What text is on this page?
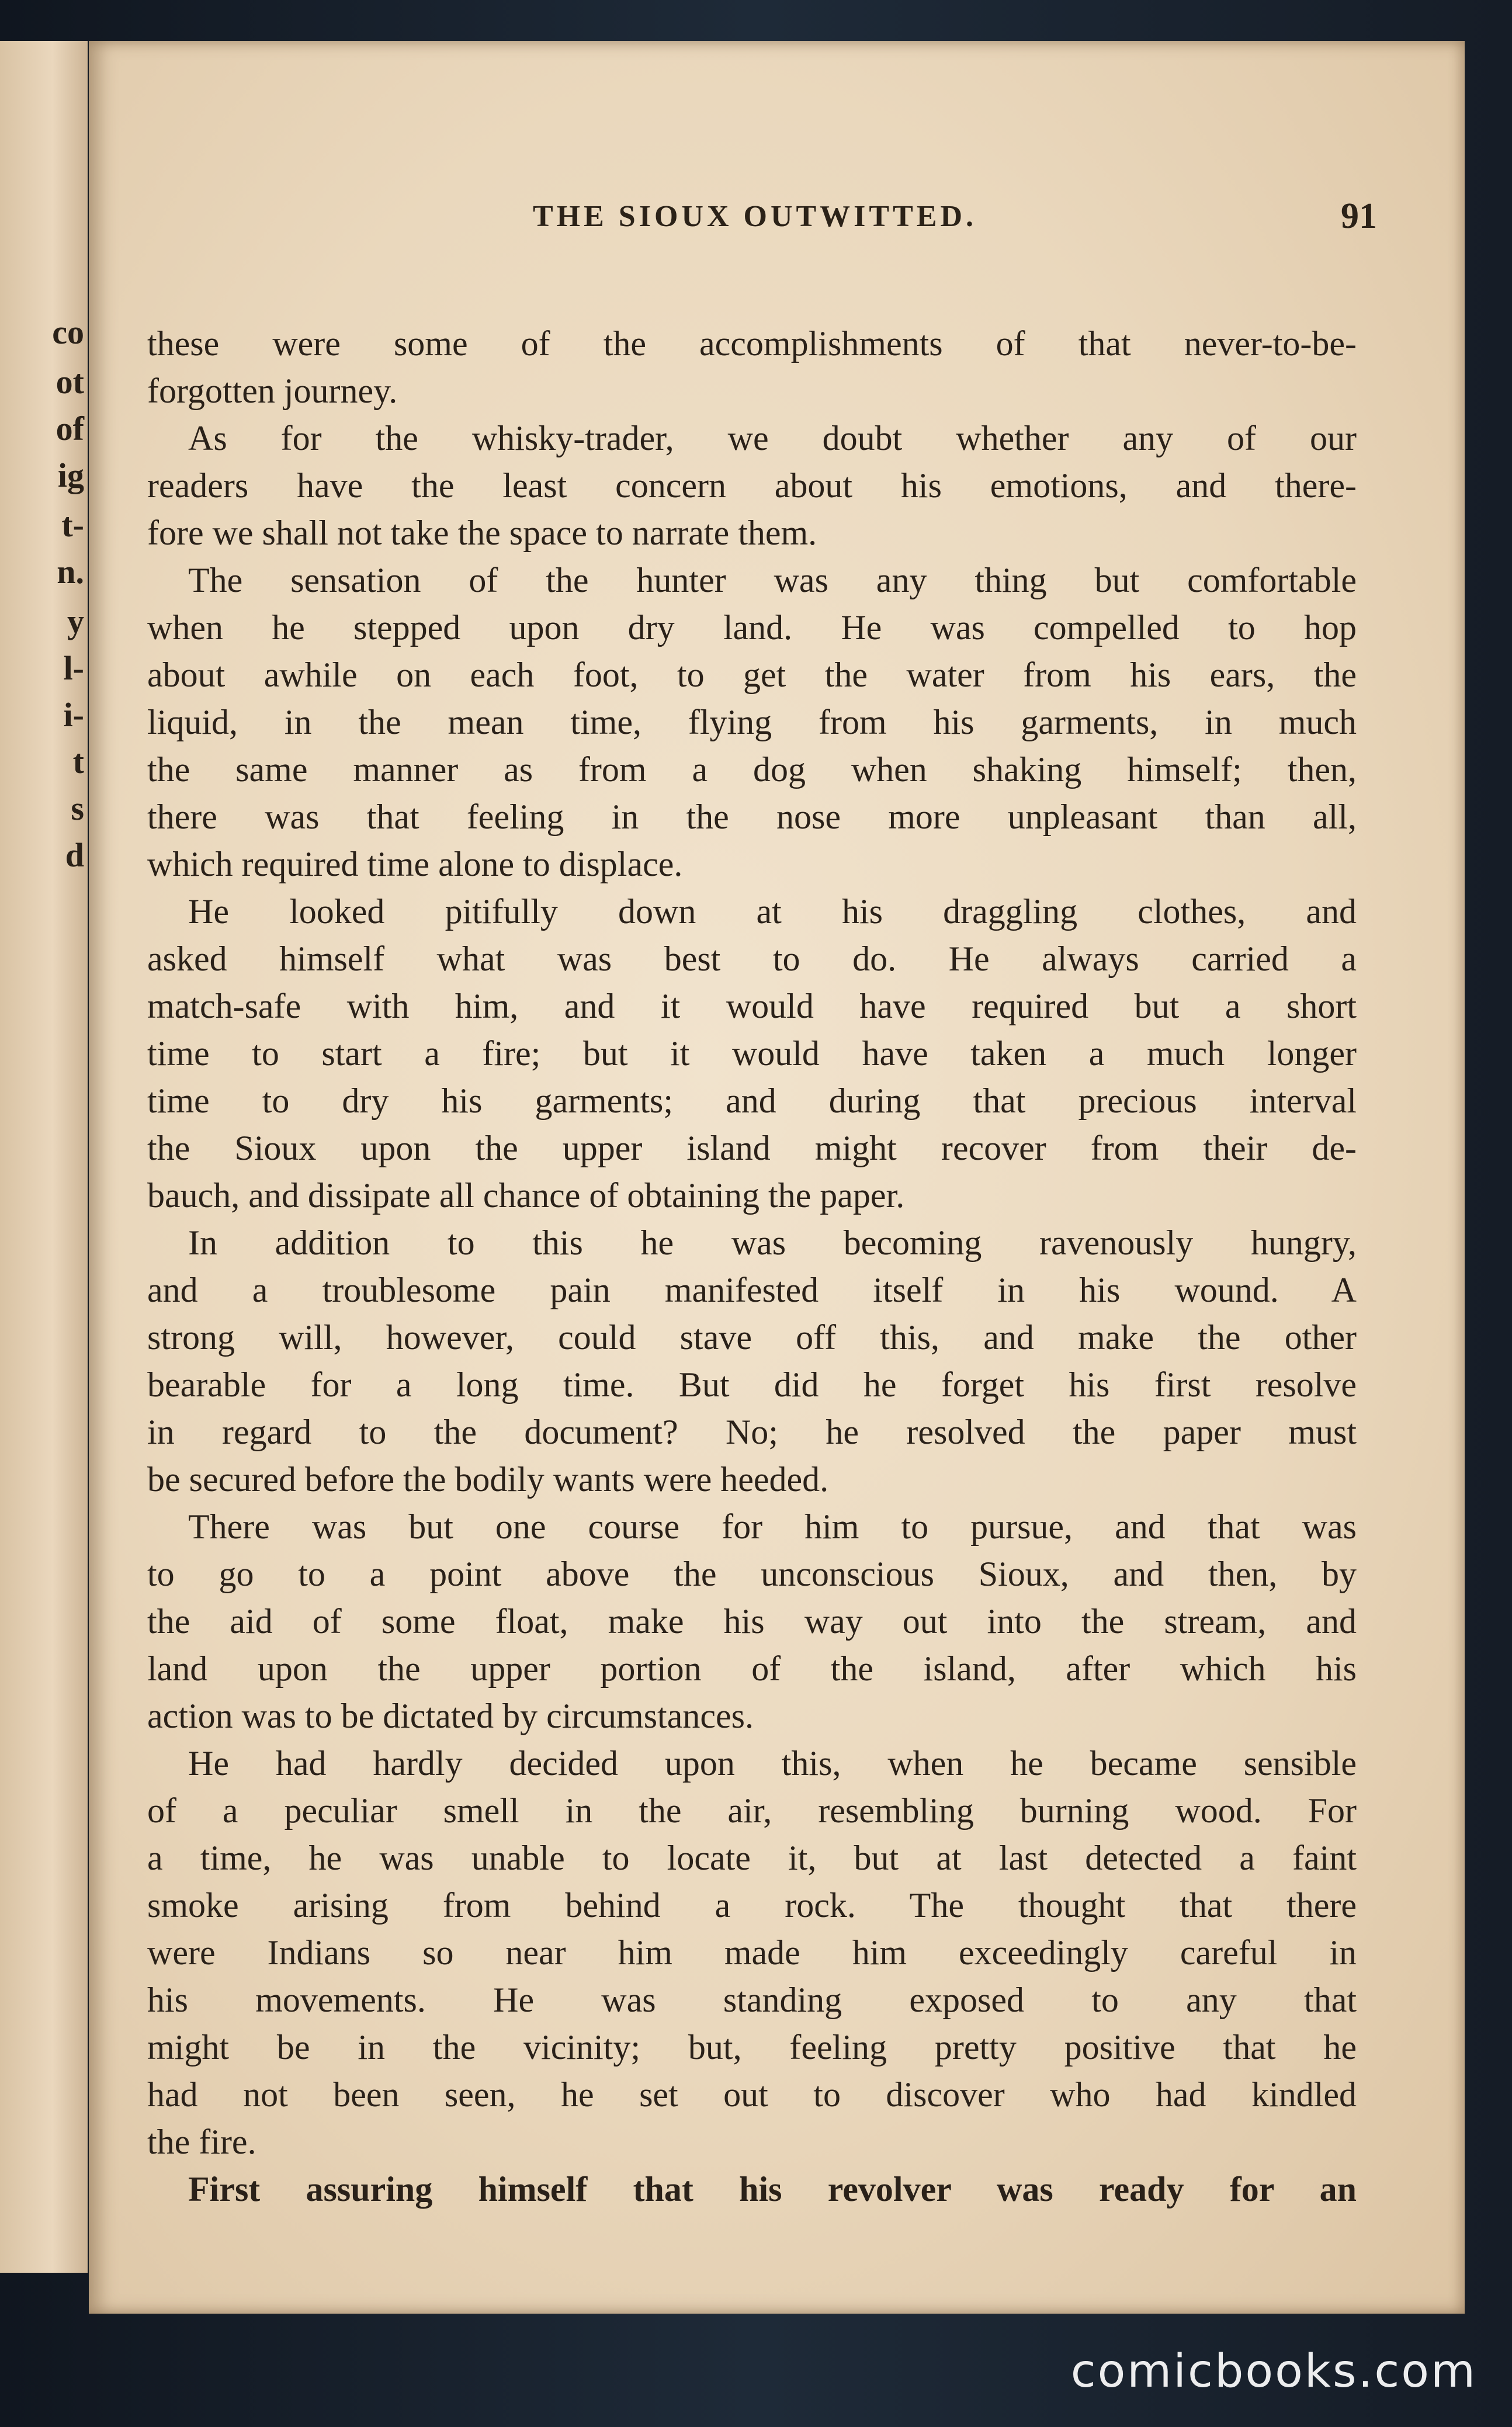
co
ot
of
ig
t-
n.
y
l-
i-
t
s
d
THE SIOUX OUTWITTED.	91
these were some of the accomplishments of that never-to-be-
forgotten journey.
As for the whisky-trader, we doubt whether any of our
readers have the least concern about his emotions, and there-
fore we shall not take the space to narrate them.
The sensation of the hunter was any thing but comfortable
when he stepped upon dry land. He was compelled to hop
about awhile on each foot, to get the water from his ears, the
liquid, in the mean time, flying from his garments, in much
the same manner as from a dog when shaking himself; then,
there was that feeling in the nose more unpleasant than all,
which required time alone to displace.
He looked pitifully down at his draggling clothes, and
asked himself what was best to do. He always carried a
match-safe with him, and it would have required but a short
time to start a fire; but it would have taken a much longer
time to dry his garments; and during that precious interval
the Sioux upon the upper island might recover from their de-
bauch, and dissipate all chance of obtaining the paper.
In addition to this he was becoming ravenously hungry,
and a troublesome pain manifested itself in his wound. A
strong will, however, could stave off this, and make the other
bearable for a long time. But did he forget his first resolve
in regard to the document? No; he resolved the paper must
be secured before the bodily wants were heeded.
There was but one course for him to pursue, and that was
to go to a point above the unconscious Sioux, and then, by
the aid of some float, make his way out into the stream, and
land upon the upper portion of the island, after which his
action was to be dictated by circumstances.
He had hardly decided upon this, when he became sensible
of a peculiar smell in the air, resembling burning wood. For
a time, he was unable to locate it, but at last detected a faint
smoke arising from behind a rock. The thought that there
were Indians so near him made him exceedingly careful in
his movements. He was standing exposed to any that
might be in the vicinity; but, feeling pretty positive that he
had not been seen, he set out to discover who had kindled
the fire.
First assuring himself that his revolver was ready for an
comicbooks.com
